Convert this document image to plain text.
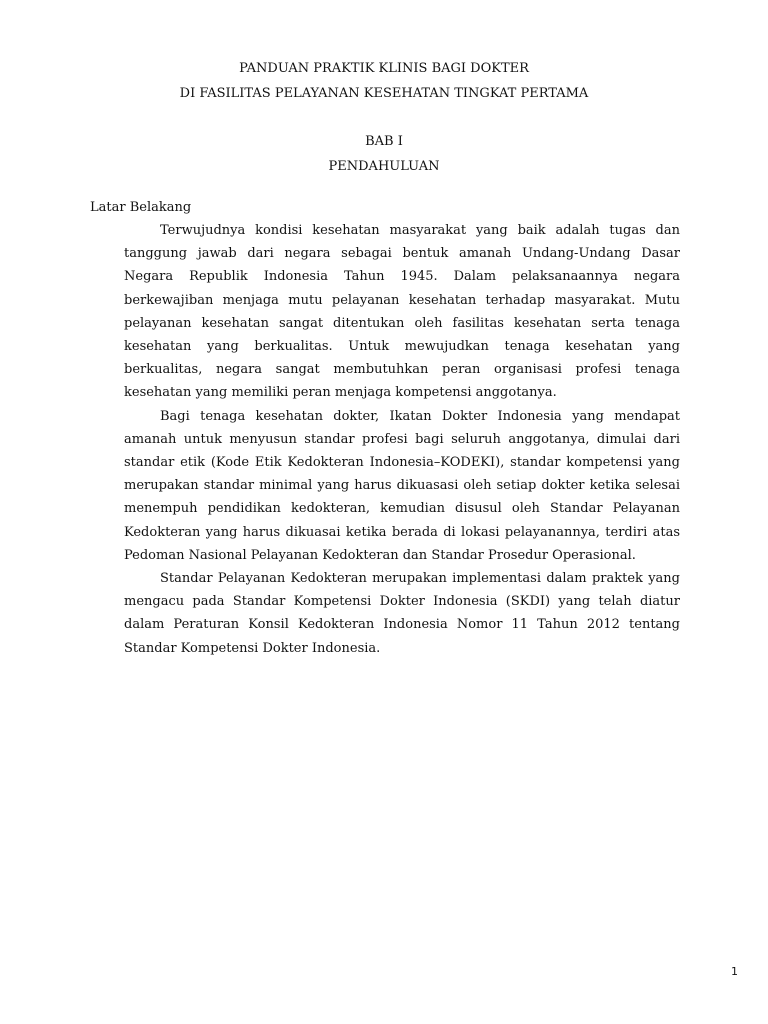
PANDUAN PRAKTIK KLINIS BAGI DOKTER
DI FASILITAS PELAYANAN KESEHATAN TINGKAT PERTAMA
BAB I
PENDAHULUAN
Latar Belakang

Terwujudnya kondisi kesehatan masyarakat yang baik adalah tugas dan tanggung jawab dari negara sebagai bentuk amanah Undang-Undang Dasar Negara Republik Indonesia Tahun 1945. Dalam pelaksanaannya negara berkewajiban menjaga mutu pelayanan kesehatan terhadap masyarakat. Mutu pelayanan kesehatan sangat ditentukan oleh fasilitas kesehatan serta tenaga kesehatan yang berkualitas. Untuk mewujudkan tenaga kesehatan yang berkualitas, negara sangat membutuhkan peran organisasi profesi tenaga kesehatan yang memiliki peran menjaga kompetensi anggotanya.

Bagi tenaga kesehatan dokter, Ikatan Dokter Indonesia yang mendapat amanah untuk menyusun standar profesi bagi seluruh anggotanya, dimulai dari standar etik (Kode Etik Kedokteran Indonesia–KODEKI), standar kompetensi yang merupakan standar minimal yang harus dikuasasi oleh setiap dokter ketika selesai menempuh pendidikan kedokteran, kemudian disusul oleh Standar Pelayanan Kedokteran yang harus dikuasai ketika berada di lokasi pelayanannya, terdiri atas Pedoman Nasional Pelayanan Kedokteran dan Standar Prosedur Operasional.

Standar Pelayanan Kedokteran merupakan implementasi dalam praktek yang mengacu pada Standar Kompetensi Dokter Indonesia (SKDI) yang telah diatur dalam Peraturan Konsil Kedokteran Indonesia Nomor 11 Tahun 2012 tentang Standar Kompetensi Dokter Indonesia.

1
